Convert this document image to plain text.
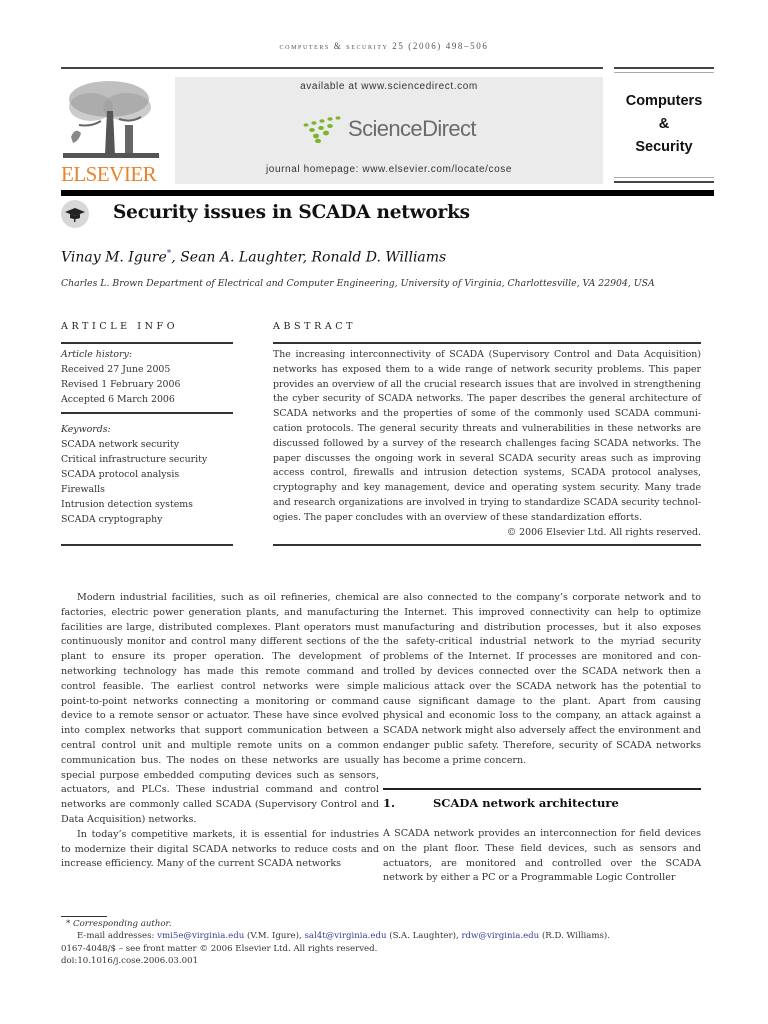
computers & security 25 (2006) 498–506
ELSEVIER
available at www.sciencedirect.com
ScienceDirect
journal homepage: www.elsevier.com/locate/cose
Computers
&
Security
Security issues in SCADA networks
Vinay M. Igure*, Sean A. Laughter, Ronald D. Williams
Charles L. Brown Department of Electrical and Computer Engineering, University of Virginia, Charlottesville, VA 22904, USA
ARTICLE INFO
Article history:
Received 27 June 2005
Revised 1 February 2006
Accepted 6 March 2006
Keywords:
SCADA network security
Critical infrastructure security
SCADA protocol analysis
Firewalls
Intrusion detection systems
SCADA cryptography
ABSTRACT
The increasing interconnectivity of SCADA (Supervisory Control and Data Acquisition) networks has exposed them to a wide range of network security problems. This paper provides an overview of all the crucial research issues that are involved in strengthening the cyber security of SCADA networks. The paper describes the general architecture of SCADA networks and the properties of some of the commonly used SCADA communication protocols. The general security threats and vulnerabilities in these networks are discussed followed by a survey of the research challenges facing SCADA networks. The paper discusses the ongoing work in several SCADA security areas such as improving access control, firewalls and intrusion detection systems, SCADA protocol analyses, cryptography and key management, device and operating system security. Many trade and research organizations are involved in trying to standardize SCADA security technologies. The paper concludes with an overview of these standardization efforts.
© 2006 Elsevier Ltd. All rights reserved.

Modern industrial facilities, such as oil refineries, chemical factories, electric power generation plants, and manufacturing facilities are large, distributed complexes. Plant operators must continuously monitor and control many different sections of the plant to ensure its proper operation. The development of networking technology has made this remote command and control feasible. The earliest control networks were simple point-to-point networks connecting a monitoring or command device to a remote sensor or actuator. These have since evolved into complex networks that support communication between a central control unit and multiple remote units on a common communication bus. The nodes on these networks are usually special purpose embedded computing devices such as sensors, actuators, and PLCs. These industrial command and control networks are commonly called SCADA (Supervisory Control and Data Acquisition) networks.

In today’s competitive markets, it is essential for industries to modernize their digital SCADA networks to reduce costs and increase efficiency. Many of the current SCADA networks

are also connected to the company’s corporate network and to the Internet. This improved connectivity can help to optimize manufacturing and distribution processes, but it also exposes the safety-critical industrial network to the myriad security problems of the Internet. If processes are monitored and controlled by devices connected over the SCADA network then a malicious attack over the SCADA network has the potential to cause significant damage to the plant. Apart from causing physical and economic loss to the company, an attack against a SCADA network might also adversely affect the environment and endanger public safety. Therefore, security of SCADA networks has become a prime concern.

1.	SCADA network architecture

A SCADA network provides an interconnection for field devices on the plant floor. These field devices, such as sensors and actuators, are monitored and controlled over the SCADA network by either a PC or a Programmable Logic Controller

* Corresponding author.
E-mail addresses: vmi5e@virginia.edu (V.M. Igure), sal4t@virginia.edu (S.A. Laughter), rdw@virginia.edu (R.D. Williams).
0167-4048/$ – see front matter © 2006 Elsevier Ltd. All rights reserved.
doi:10.1016/j.cose.2006.03.001
